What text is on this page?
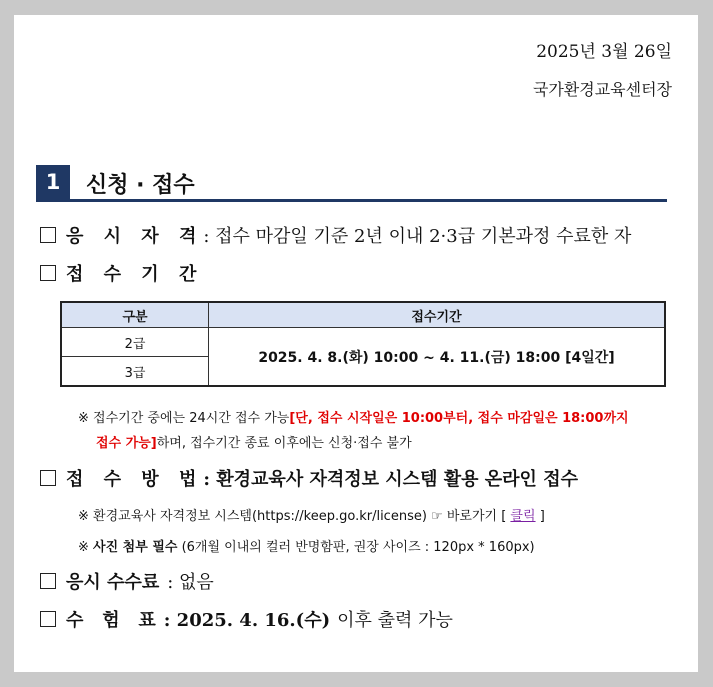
2025년 3월 26일
국가환경교육센터장
1	신청 · 접수
응 시 자 격 : 접수 마감일 기준 2년 이내 2·3급 기본과정 수료한 자
접 수 기 간
구분	접수기간
2급	2025. 4. 8.(화) 10:00 ~ 4. 11.(금) 18:00 [4일간]
3급	
※ 접수기간 중에는 24시간 접수 가능[단, 접수 시작일은 10:00부터, 접수 마감일은 18:00까지
접수 가능]하며, 접수기간 종료 이후에는 신청·접수 불가
접 수 방 법 : 환경교육사 자격정보 시스템 활용 온라인 접수
※ 환경교육사 자격정보 시스템(https://keep.go.kr/license) ☞ 바로가기 [ 클릭 ]
※ 사진 첨부 필수 (6개월 이내의 컬러 반명함판, 권장 사이즈 : 120px * 160px)
응시 수수료 : 없음
수   험   표 : 2025. 4. 16.(수) 이후 출력 가능
